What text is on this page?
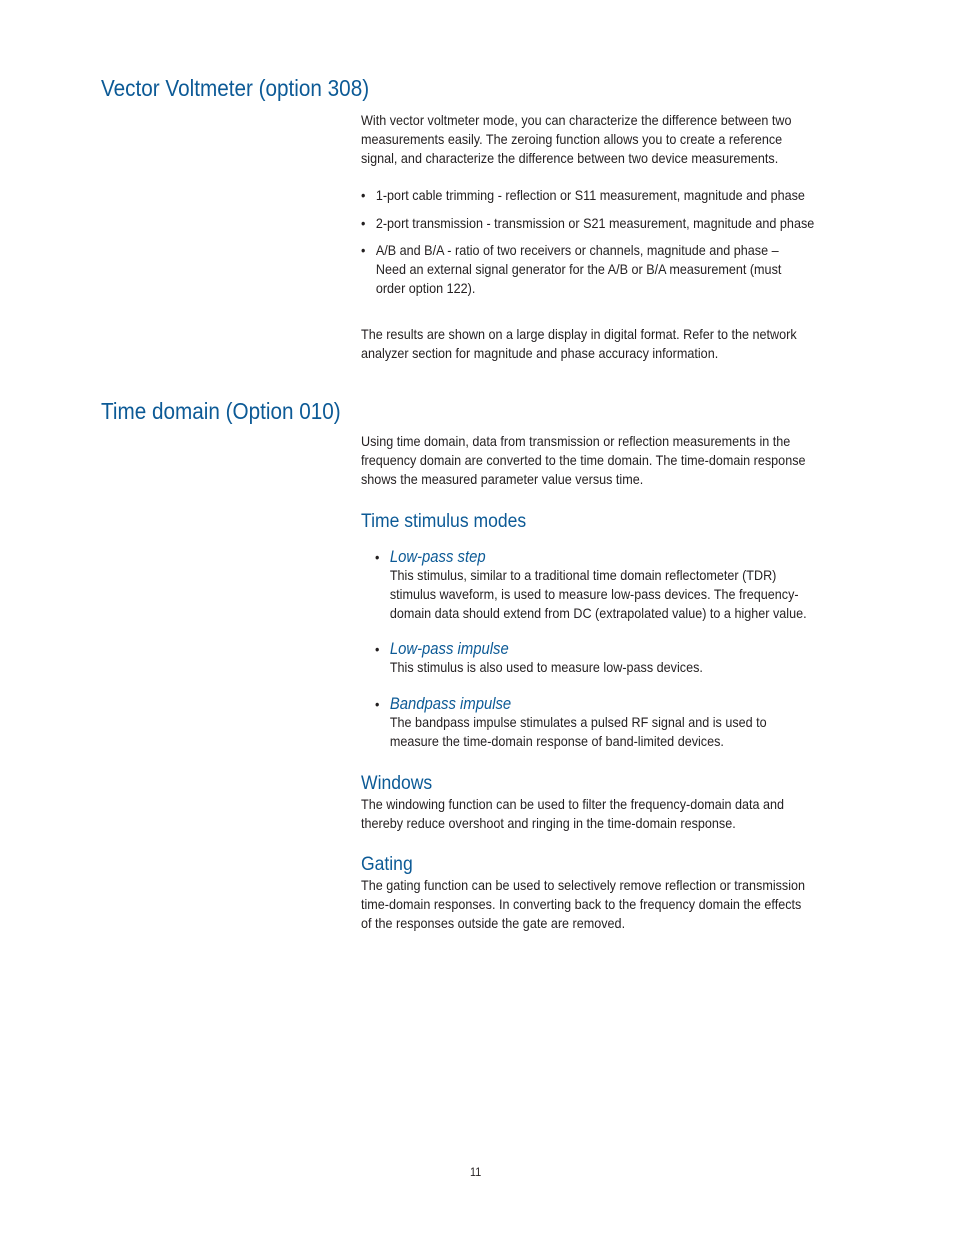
Vector Voltmeter (option 308)
With vector voltmeter mode, you can characterize the difference between two
measurements easily. The zeroing function allows you to create a reference
signal, and characterize the difference between two device measurements.
• 1-port cable trimming - reflection or S11 measurement, magnitude and phase
• 2-port transmission - transmission or S21 measurement, magnitude and phase
• A/B and B/A - ratio of two receivers or channels, magnitude and phase –
Need an external signal generator for the A/B or B/A measurement (must
order option 122).
The results are shown on a large display in digital format. Refer to the network
analyzer section for magnitude and phase accuracy information.
Time domain (Option 010)
Using time domain, data from transmission or reflection measurements in the
frequency domain are converted to the time domain. The time-domain response
shows the measured parameter value versus time.
Time stimulus modes
• Low-pass step
This stimulus, similar to a traditional time domain reflectometer (TDR)
stimulus waveform, is used to measure low-pass devices. The frequency-
domain data should extend from DC (extrapolated value) to a higher value.
• Low-pass impulse
This stimulus is also used to measure low-pass devices.
• Bandpass impulse
The bandpass impulse stimulates a pulsed RF signal and is used to
measure the time-domain response of band-limited devices.
Windows
The windowing function can be used to filter the frequency-domain data and
thereby reduce overshoot and ringing in the time-domain response.
Gating
The gating function can be used to selectively remove reflection or transmission
time-domain responses. In converting back to the frequency domain the effects
of the responses outside the gate are removed.
11
